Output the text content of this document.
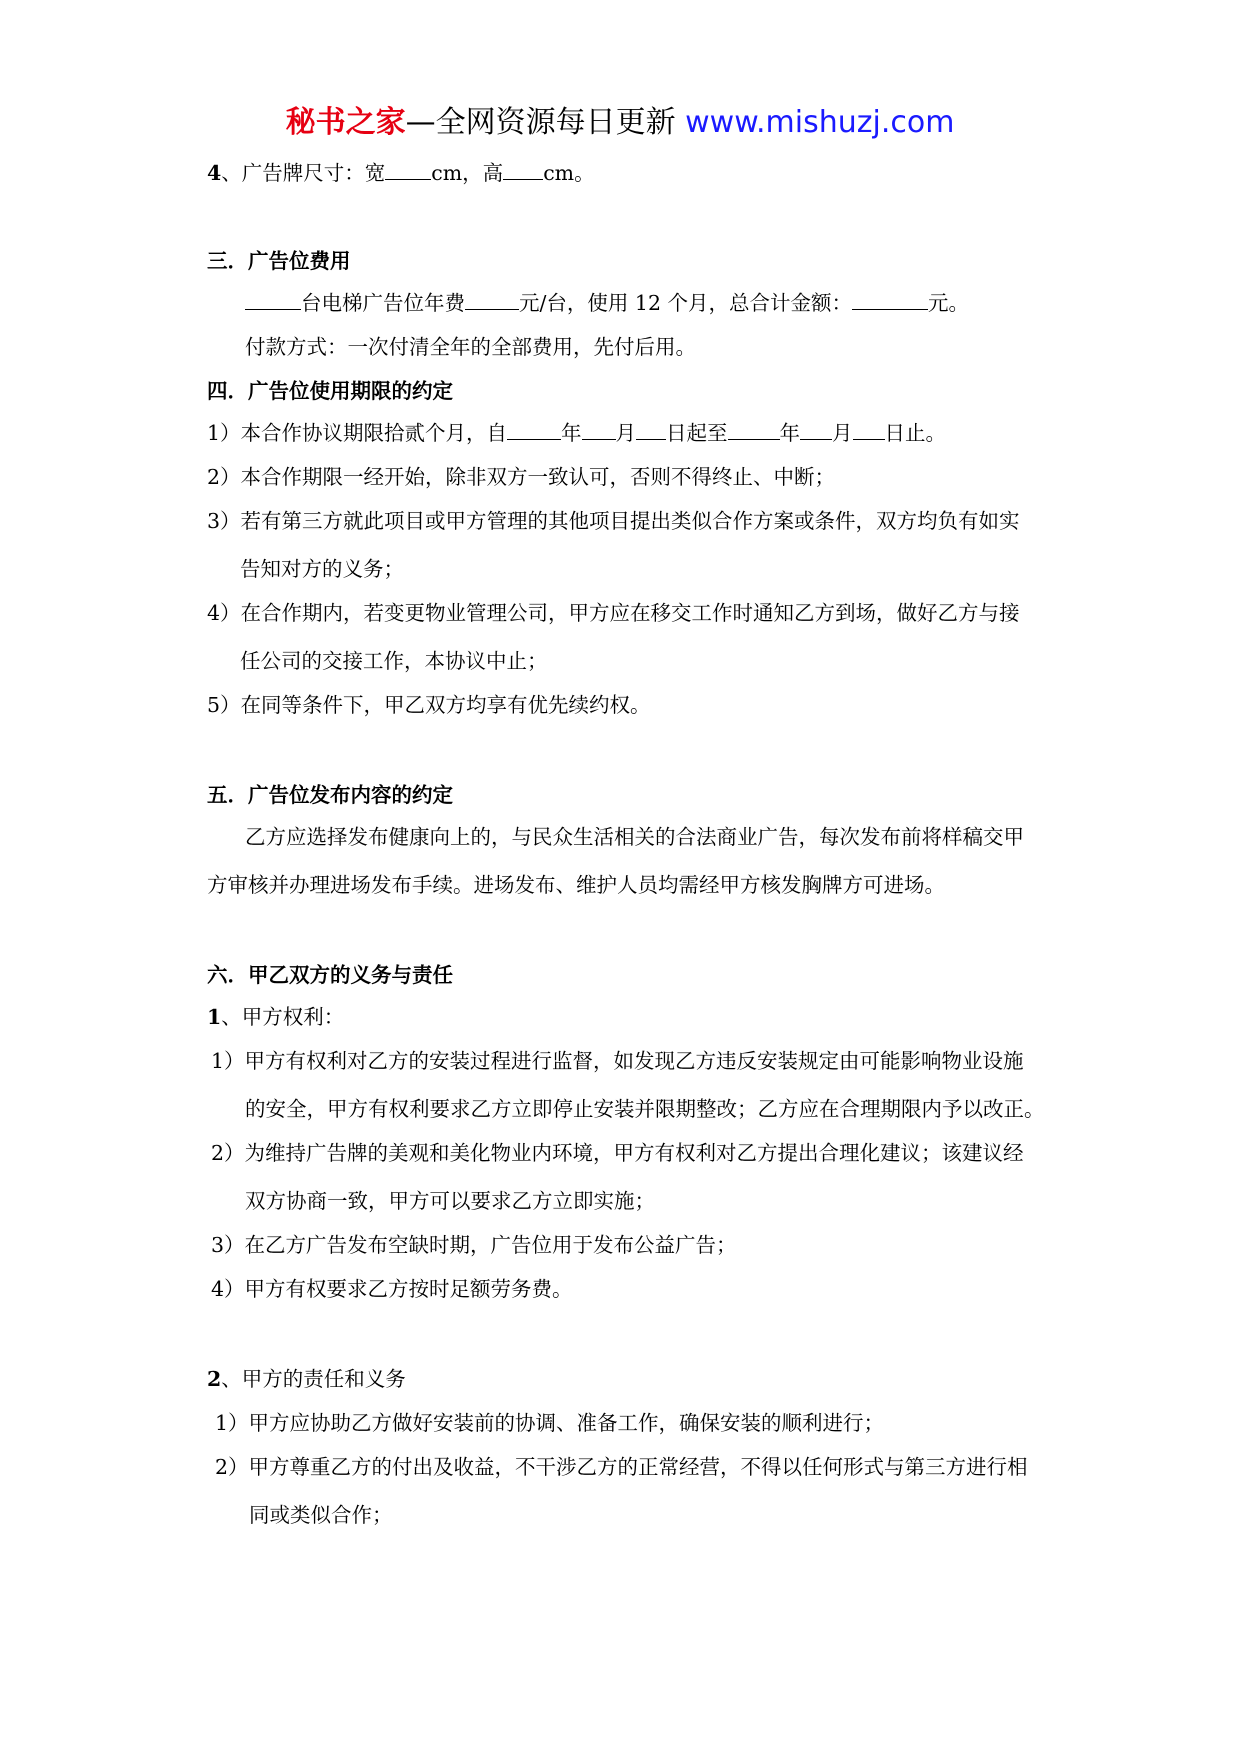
秘书之家—全网资源每日更新 www.mishuzj.com
4、广告牌尺寸：宽 cm，高 cm。
三．广告位费用
台电梯广告位年费	元/台，使用 12 个月，总合计金额：	元。
付款方式：一次付清全年的全部费用，先付后用。
四．广告位使用期限的约定
1）本合作协议期限拾贰个月，自	年 月 日起至	年 月 日止。
2）本合作期限一经开始，除非双方一致认可，否则不得终止、中断；
3）若有第三方就此项目或甲方管理的其他项目提出类似合作方案或条件，双方均负有如实
告知对方的义务；
4）在合作期内，若变更物业管理公司，甲方应在移交工作时通知乙方到场，做好乙方与接
任公司的交接工作，本协议中止；
5）在同等条件下，甲乙双方均享有优先续约权。
五．广告位发布内容的约定
乙方应选择发布健康向上的，与民众生活相关的合法商业广告，每次发布前将样稿交甲
方审核并办理进场发布手续。进场发布、维护人员均需经甲方核发胸牌方可进场。
六．甲乙双方的义务与责任
1、甲方权利：
1）甲方有权利对乙方的安装过程进行监督，如发现乙方违反安装规定由可能影响物业设施
的安全，甲方有权利要求乙方立即停止安装并限期整改；乙方应在合理期限内予以改正。
2）为维持广告牌的美观和美化物业内环境，甲方有权利对乙方提出合理化建议；该建议经
双方协商一致，甲方可以要求乙方立即实施；
3）在乙方广告发布空缺时期，广告位用于发布公益广告；
4）甲方有权要求乙方按时足额劳务费。
2、甲方的责任和义务
1）甲方应协助乙方做好安装前的协调、准备工作，确保安装的顺利进行；
2）甲方尊重乙方的付出及收益，不干涉乙方的正常经营，不得以任何形式与第三方进行相
同或类似合作；
